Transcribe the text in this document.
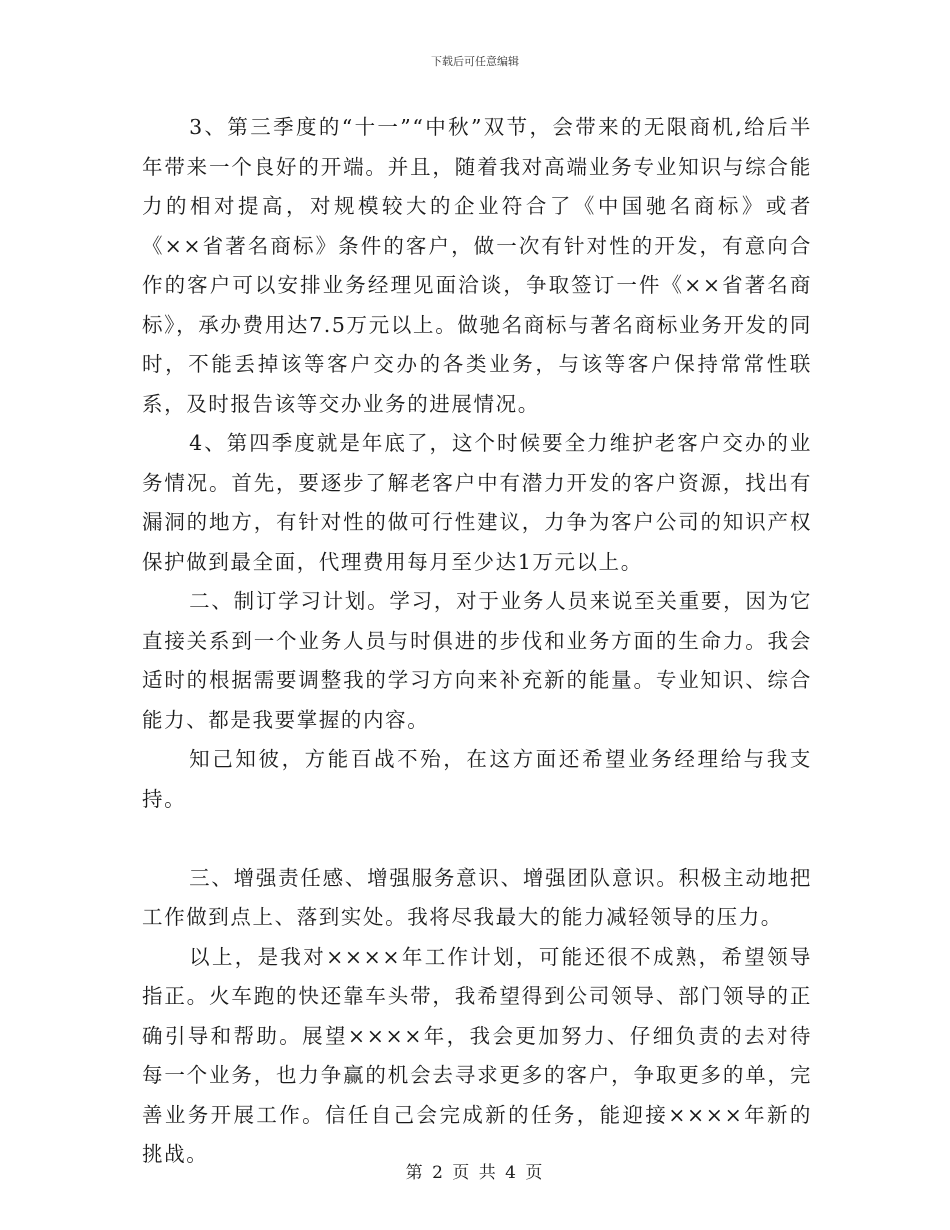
下载后可任意编辑

3、第三季度的“十一”“中秋”双节，会带来的无限商机,给后半年带来一个良好的开端。并且，随着我对高端业务专业知识与综合能力的相对提高，对规模较大的企业符合了《中国驰名商标》或者《××省著名商标》条件的客户，做一次有针对性的开发，有意向合作的客户可以安排业务经理见面洽谈，争取签订一件《××省著名商标》，承办费用达7.5万元以上。做驰名商标与著名商标业务开发的同时，不能丢掉该等客户交办的各类业务，与该等客户保持常常性联系，及时报告该等交办业务的进展情况。

4、第四季度就是年底了，这个时候要全力维护老客户交办的业务情况。首先，要逐步了解老客户中有潜力开发的客户资源，找出有漏洞的地方，有针对性的做可行性建议，力争为客户公司的知识产权保护做到最全面，代理费用每月至少达1万元以上。

二、制订学习计划。学习，对于业务人员来说至关重要，因为它直接关系到一个业务人员与时俱进的步伐和业务方面的生命力。我会适时的根据需要调整我的学习方向来补充新的能量。专业知识、综合能力、都是我要掌握的内容。

知己知彼，方能百战不殆，在这方面还希望业务经理给与我支持。

三、增强责任感、增强服务意识、增强团队意识。积极主动地把工作做到点上、落到实处。我将尽我最大的能力减轻领导的压力。

以上，是我对××××年工作计划，可能还很不成熟，希望领导指正。火车跑的快还靠车头带，我希望得到公司领导、部门领导的正确引导和帮助。展望××××年，我会更加努力、仔细负责的去对待每一个业务，也力争赢的机会去寻求更多的客户，争取更多的单，完善业务开展工作。信任自己会完成新的任务，能迎接××××年新的挑战。

第 2 页 共 4 页
